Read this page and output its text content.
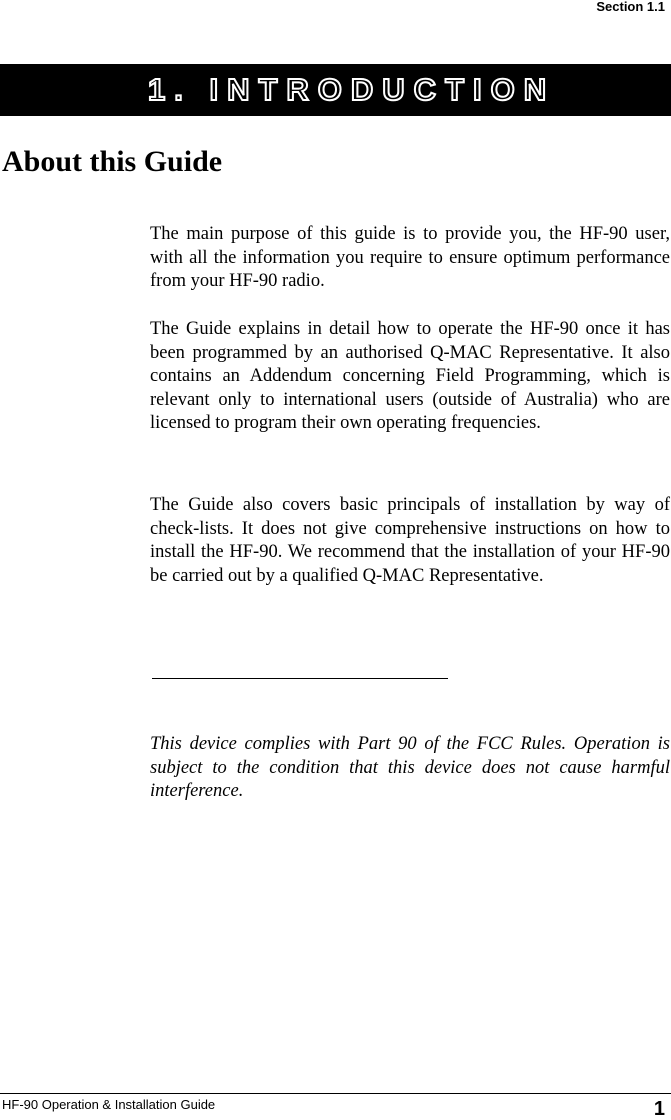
Section 1.1
1. INTRODUCTION
About this Guide

The main purpose of this guide is to provide you, the HF-90 user, with all the information you require to ensure optimum performance from your HF-90 radio.

The Guide explains in detail how to operate the HF-90 once it has been programmed by an authorised Q-MAC Representative. It also contains an Addendum concerning Field Programming, which is relevant only to international users (outside of Australia) who are licensed to program their own operating frequencies.

The Guide also covers basic principals of installation by way of check-lists. It does not give comprehensive instructions on how to install the HF-90. We recommend that the installation of your HF-90 be carried out by a qualified Q-MAC Representative.

This device complies with Part 90 of the FCC Rules. Operation is subject to the condition that this device does not cause harmful interference.

HF-90 Operation & Installation Guide	1
